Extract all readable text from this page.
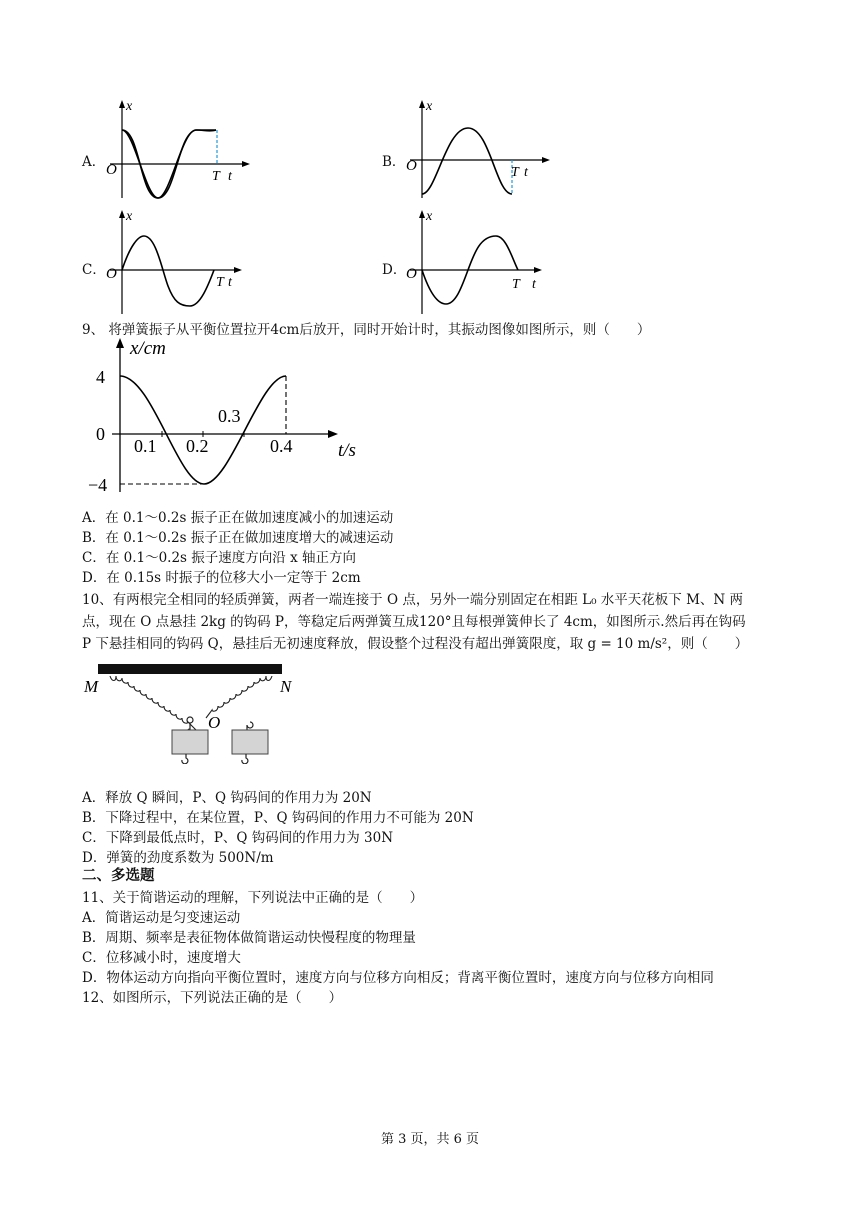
A．
x
O	T t
B．
x
O	T t
C．
x
O
T t
D．
x
O
T t
9、 将弹簧振子从平衡位置拉开4cm后放开，同时开始计时，其振动图像如图所示，则（　　）
x/cm
t/s
4
0
−4
0.1 0.2
0.3
0.4
A．在 0.1～0.2s 振子正在做加速度减小的加速运动
B．在 0.1～0.2s 振子正在做加速度增大的减速运动
C．在 0.1～0.2s 振子速度方向沿 x 轴正方向
D．在 0.15s 时振子的位移大小一定等于 2cm
10、有两根完全相同的轻质弹簧，两者一端连接于 O 点，另外一端分别固定在相距 L₀ 水平天花板下 M、N 两
点，现在 O 点悬挂 2kg 的钩码 P，等稳定后两弹簧互成120°且每根弹簧伸长了 4cm，如图所示.然后再在钩码
P 下悬挂相同的钩码 Q，悬挂后无初速度释放，假设整个过程没有超出弹簧限度，取 g = 10 m/s²，则（　　）
M	N
O
A．释放 Q 瞬间，P、Q 钩码间的作用力为 20N
B．下降过程中，在某位置，P、Q 钩码间的作用力不可能为 20N
C．下降到最低点时，P、Q 钩码间的作用力为 30N
D．弹簧的劲度系数为 500N/m
二、多选题
11、关于简谐运动的理解，下列说法中正确的是（　　）
A．简谐运动是匀变速运动
B．周期、频率是表征物体做简谐运动快慢程度的物理量
C．位移减小时，速度增大
D．物体运动方向指向平衡位置时，速度方向与位移方向相反；背离平衡位置时，速度方向与位移方向相同
12、如图所示，下列说法正确的是（　　）
第 3 页，共 6 页
